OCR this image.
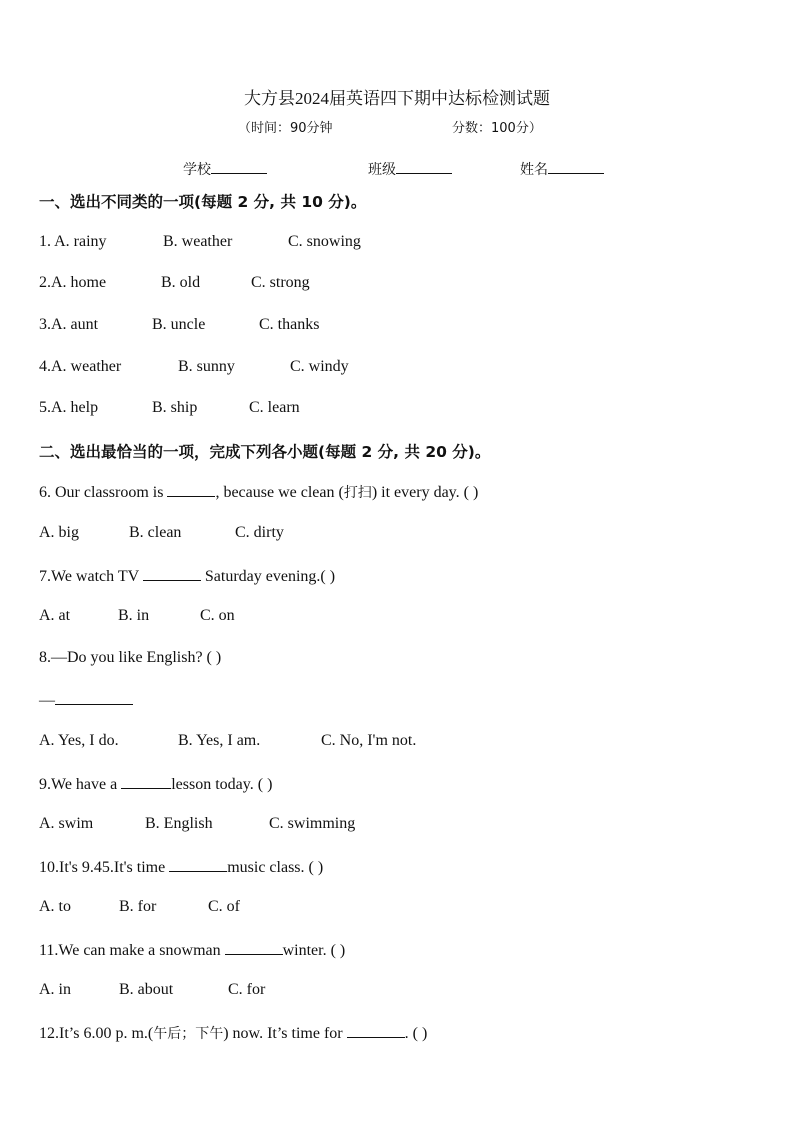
大方县2024届英语四下期中达标检测试题
（时间：90分钟	分数：100分）
学校	班级	姓名
一、选出不同类的一项(每题 2 分, 共 10 分)。
1. A. rainy	B. weather	C. snowing
2.A. home	B. old	C. strong
3.A. aunt	B. uncle	C. thanks
4.A. weather	B. sunny	C. windy
5.A. help	B. ship	C. learn
二、选出最恰当的一项，完成下列各小题(每题 2 分, 共 20 分)。
6. Our classroom is	, because we clean (打扫) it every day. ( )
A. big	B. clean	C. dirty
7.We watch TV	Saturday evening.( )
A. at	B. in	C. on
8.—Do you like English? ( )
—
A. Yes, I do.	B. Yes, I am.	C. No, I'm not.
9.We have a	lesson today. ( )
A. swim	B. English	C. swimming
10.It's 9.45.It's time	music class. ( )
A. to	B. for	C. of
11.We can make a snowman	winter. ( )
A. in	B. about	C. for
12.It’s 6.00 p. m.(午后；下午) now. It’s time for	. ( )
